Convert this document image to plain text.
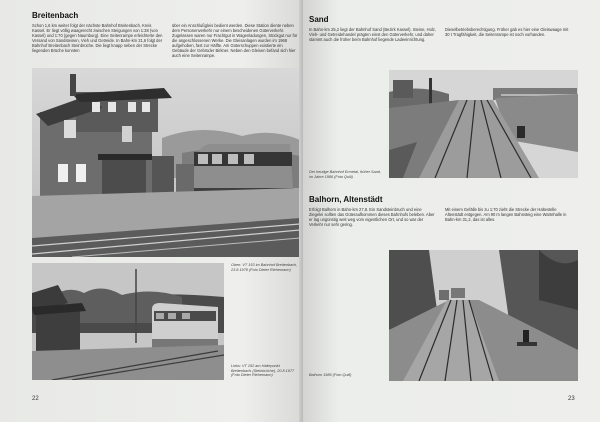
Breitenbach

Schon 1,6 km weiter folgt der nächste Bahnhof Breitenbach, Kreis Kassel. Er liegt völlig waagerecht zwischen Steigungen von 1:38 (von Kassel) und 1:70 (gegen Naumburg). Eine Seitenrampe erleichterte den Versand von Sandsteinen, Vieh und Getreide. In Bahn-km 21,6 folgt der Bahnhof Breitenbach Steinbrüche. Die liegt knapp neben der Strecke liegenden Brüche konnten

über ein Anschlußgleis bedient werden. Diese Station diente neben dem Personenverkehr nur einem bescheidenen Güterverkehr. Zugelassen waren nur Frachtgut in Wagenladungen, Stückgut nur für die angeschlossenen Werke. Die Gleisanlagen wurden im 1968 aufgehoben, fast zur Hälfte. Am Güterschuppen existierte ein Gebäude der Gebrüder Birkner. Neben den Gleisen befand sich hier auch eine Seitenrampe.

Oben: VT 153 im Bahnhof Breitenbach, 23.8.1978 (Foto Dieter Riehemann)
Links: VT 152 am Haltepunkt Breitenbach (Steinbrüche), 20.8.1977 (Foto Dieter Riehemann)
22
Sand

In Bahn-km 25,2 liegt der Bahnhof Sand (Bezirk Kassel). Steine, Holz, Vieh- und Getreidehandel prägten einst den Güterverkehr, und daher stammt auch die früher beim Bahnhof liegende Ladeeinrichtung.

Dieselbetriebsberechtigung. Früher gab es hier eine Gleiswaage mit 30 t Tragfähigkeit, die Seitenrampe ist noch vorhanden.

Der heutige Bahnhof Ermetal, früher Sand, im Jahre 1986 (Foto Quill)
Balhorn, Altenstädt

Erfolgt Balhorn in Bahn-km 27,8. Ein Sandsteinbruch und eine Ziegelei sollten das Güteraufkommen dieses Bahnhofs beleben. Aber er lag ungünstig weit weg vom eigentlichen Ort, und so war der Verkehr nur sehr gering.

Mit einem Gefälle bis zu 1:70 zieht die Strecke der Haltestelle Altenstädt entgegen. Am 90 m langen Bahnsteig eine Wartehalle in Bahn-km 31,2, das ist alles.

Balhorn 1986 (Foto Quill)
23
